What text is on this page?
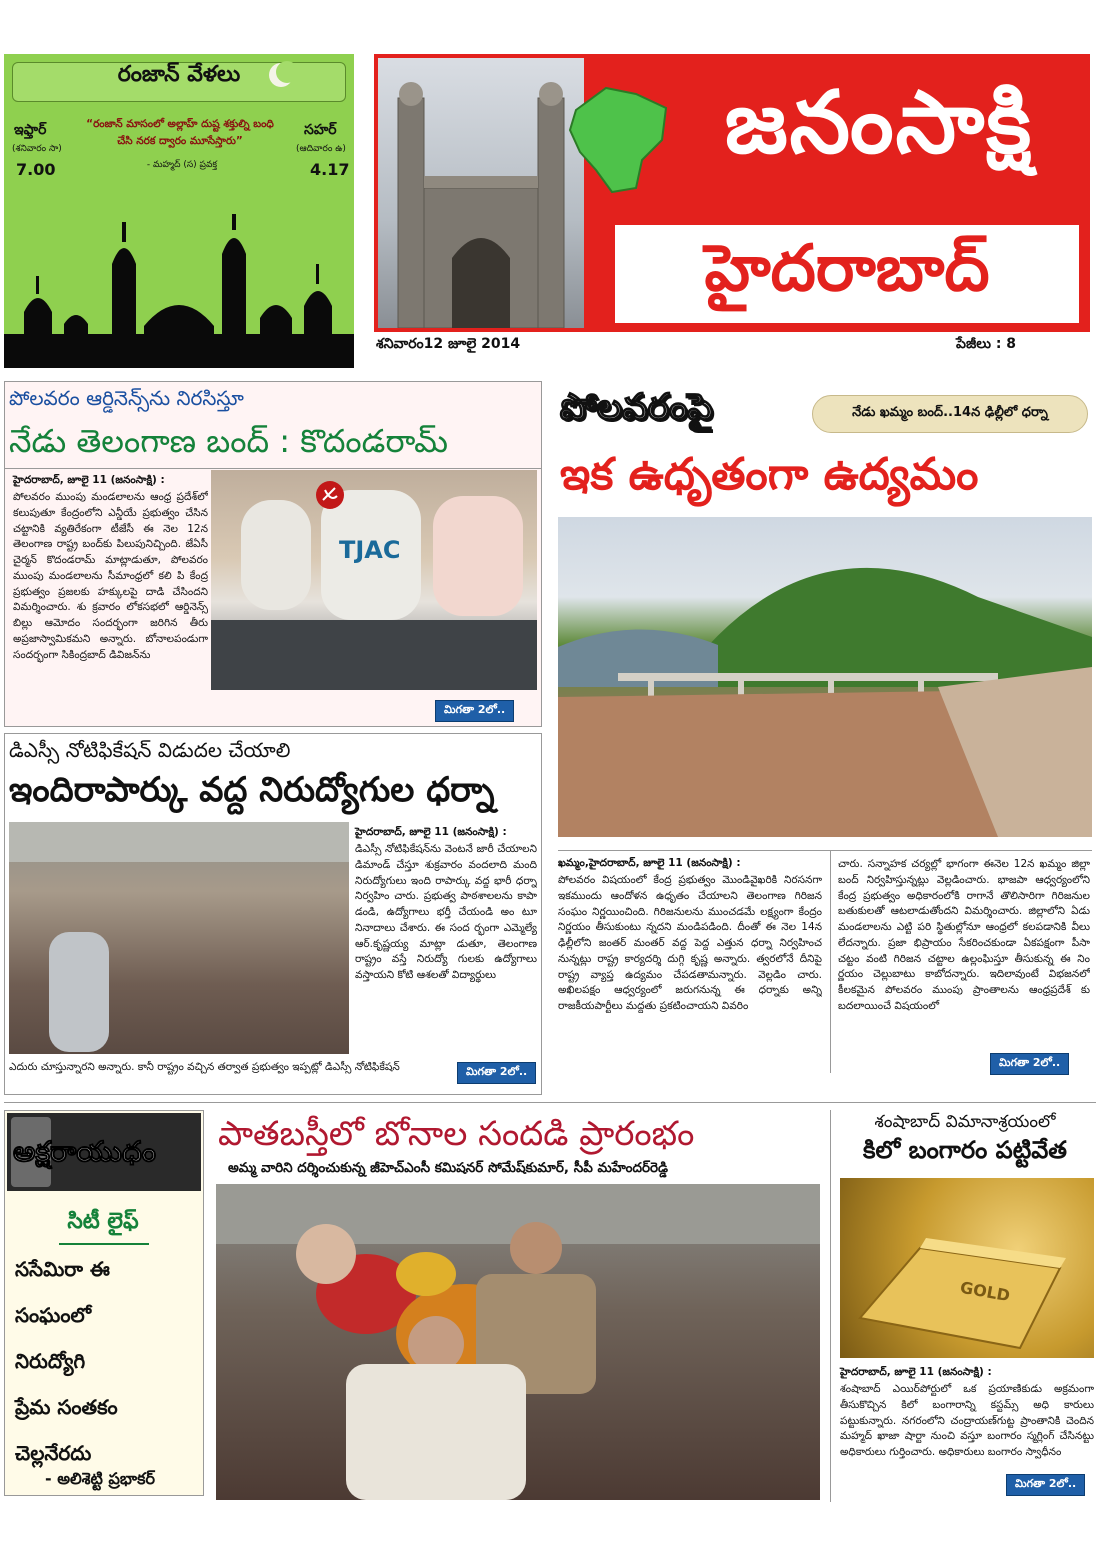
రంజాన్‌ వేళలు
ఇఫ్తార్
(శనివారం సా)
7.00
సహర్
(ఆదివారం ఉ)
4.17
“రంజాన్‌ మాసంలో అల్లాహ్‌ దుష్ట శక్తుల్ని బంధి చేసి నరక ద్వారం మూసేస్తారు”
- మహ్మద్‌ (స) ప్రవక్త	జనంసాక్షి
హైదరాబాద్
శనివారం12 జూలై 2014	పేజీలు : 8
పోలవరం ఆర్డినెన్స్‌ను నిరసిస్తూ
నేడు తెలంగాణ బంద్‌ : కొదండరామ్‌
హైదరాబాద్‌, జూలై 11 (జనంసాక్షి) :
పోలవరం ముంపు మండలాలను ఆంధ్ర ప్రదేశ్‌లో కలుపుతూ కేంద్రంలోని ఎన్డీయే ప్రభుత్వం చేసిన చట్టానికి వ్యతిరేకంగా టీజేసీ ఈ నెల 12న తెలంగాణ రాష్ట్ర బంద్‌కు పిలుపునిచ్చింది. జేఏసీ చైర్మన్‌ కొదండరామ్‌ మాట్లాడుతూ, పోలవరం ముంపు మండలాలను సీమాంధ్రలో కలి పి కేంద్ర ప్రభుత్వం ప్రజలకు హక్కులపై దాడి చేసిందని విమర్శించారు. శు క్రవారం లోకసభలో ఆర్డినెన్స్‌ బిల్లు ఆమోదం సందర్భంగా జరిగిన తీరు అప్రజాస్వామికమని అన్నారు. బోనాలపండుగా సందర్భంగా సికింద్రబాద్‌ డివిజన్‌ను
TJAC
మిగతా 2లో..
డిఎస్సీ నోటిఫికేషన్‌ విడుదల చేయాలి
ఇందిరాపార్కు వద్ద నిరుద్యోగుల ధర్నా
హైదరాబాద్‌, జూలై 11 (జనంసాక్షి) :
డిఎస్సీ నోటిఫికేషన్‌ను వెంటనే జారీ చేయాలని డిమాండ్‌ చేస్తూ శుక్రవారం వందలాది మంది నిరుద్యోగులు ఇంది రాపార్కు వద్ద భారీ ధర్నా నిర్వహిం చారు. ప్రభుత్వ పాఠశాలలను కాపా డండి, ఉద్యోగాలు భర్తీ చేయండి అం టూ నినాదాలు చేశారు. ఈ సంద ర్భంగా ఎమ్మెల్యే ఆర్‌.కృష్ణయ్య మాట్లా డుతూ, తెలంగాణ రాష్ట్రం వస్తే నిరుద్యో గులకు ఉద్యోగాలు వస్తాయని కోటి ఆశలతో విద్యార్థులు
ఎదురు చూస్తున్నారని అన్నారు. కానీ రాష్ట్రం వచ్చిన తర్వాత ప్రభుత్వం ఇప్పట్లో డిఎస్సీ నోటిఫికేషన్‌	మిగతా 2లో..
పోలవరంపై	నేడు ఖమ్మం బంద్‌..14న ఢిల్లీలో ధర్నా
ఇక ఉధృతంగా ఉద్యమం
ఖమ్మం,హైదరాబాద్‌, జూలై 11 (జనంసాక్షి) :
పోలవరం విషయంలో కేంద్ర ప్రభుత్వం మొండివైఖరికి నిరసనగా ఇకముందు ఆందోళన ఉధృతం చేయాలని తెలంగాణ గిరిజన సంఘం నిర్ణయించింది. గిరిజనులను ముంచడమే లక్ష్యంగా కేంద్రం నిర్ణయం తీసుకుంటు న్నదని మండిపడింది. దీంతో ఈ నెల 14న ఢిల్లీలోని జంతర్‌ మంతర్‌ వద్ద పెద్ద ఎత్తున ధర్నా నిర్వహించ నున్నట్లు రాష్ట్ర కార్యదర్శి దుగ్గి కృష్ణ అన్నారు. త్వరలోనే దీనిపై రాష్ట్ర వ్యాప్త ఉద్యమం చేపడతామన్నారు. వెల్లడిం చారు. అఖిలపక్షం ఆధ్వర్యంలో జరుగనున్న ఈ ధర్నాకు అన్ని రాజకీయపార్టీలు మద్దతు ప్రకటించాయని వివరిం
చారు. సన్నాహక చర్యల్లో భాగంగా ఈనెల 12న ఖమ్మం జిల్లా బంద్‌ నిర్వహిస్తున్నట్లు వెల్లడించారు. భాజపా ఆధ్వర్యంలోని కేంద్ర ప్రభుత్వం అధికారంలోకి రాగానే తొలిసారిగా గిరిజనుల బతుకులతో ఆటలాడుతోందని విమర్శించారు. జిల్లాలోని ఏడు మండలాలను ఎట్టి పరి స్థితుల్లోనూ ఆంధ్రలో కలపడానికి వీలు లేదన్నారు. ప్రజా భిప్రాయం సేకరించకుండా ఏకపక్షంగా పీసా చట్టం వంటి గిరిజన చట్టాల ఉల్లంఘిస్తూ తీసుకున్న ఈ నిం ర్ణయం చెల్లుబాటు కాబోదన్నారు. ఇదిలావుంటే విభజనలో కీలకమైన పోలవరం ముంపు ప్రాంతాలను ఆంధ్రప్రదేశ్‌ కు బదలాయించే విషయంలో
మిగతా 2లో..
అక్షరాయుధం
సిటీ లైఫ్‌
ససేమిరా ఈ
సంఘంలో
నిరుద్యోగి
ప్రేమ సంతకం
చెల్లనేరదు
- అలిశెట్టి ప్రభాకర్‌
పాతబస్తీలో బోనాల సందడి ప్రారంభం
అమ్మ వారిని దర్శించుకున్న జీహెచ్‌ఎంసీ కమిషనర్‌ సోమేష్‌కుమార్‌, సీపీ మహేందర్‌రెడ్డి
శంషాబాద్‌ విమానాశ్రయంలో
కిలో బంగారం పట్టివేత
GOLD
హైదరాబాద్‌, జూలై 11 (జనంసాక్షి) :
శంషాబాద్‌ ఎయిర్‌పోర్టులో ఒక ప్రయాణికుడు అక్రమంగా తీసుకొచ్చిన కిలో బంగారాన్ని కస్టమ్స్‌ అధి కారులు పట్టుకున్నారు. నగరంలోని చంద్రాయణ్‌గుట్ట ప్రాంతానికి చెందిన మహ్మద్‌ ఖాజా షార్టా నుంచి వస్తూ బంగారం స్మగ్లింగ్‌ చేసినట్టు అధికారులు గుర్తించారు. అధికారులు బంగారం స్వాధీనం
మిగతా 2లో..
